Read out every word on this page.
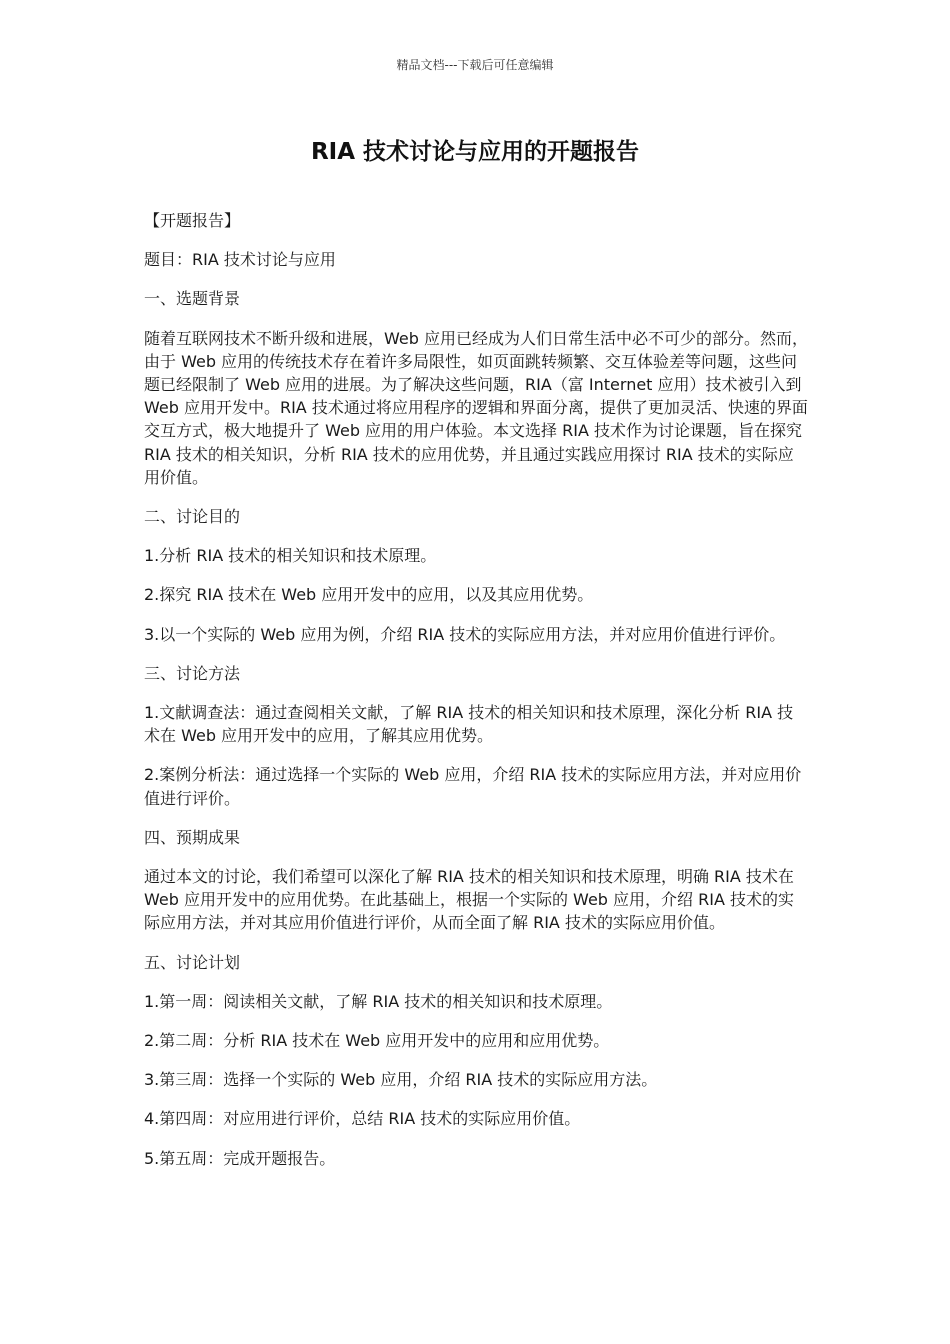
精品文档---下载后可任意编辑
RIA 技术讨论与应用的开题报告

【开题报告】

题目：RIA 技术讨论与应用

一、选题背景

随着互联网技术不断升级和进展，Web 应用已经成为人们日常生活中必不可少的部分。然而，由于 Web 应用的传统技术存在着许多局限性，如页面跳转频繁、交互体验差等问题，这些问题已经限制了 Web 应用的进展。为了解决这些问题，RIA（富 Internet 应用）技术被引入到 Web 应用开发中。RIA 技术通过将应用程序的逻辑和界面分离，提供了更加灵活、快速的界面交互方式，极大地提升了 Web 应用的用户体验。本文选择 RIA 技术作为讨论课题，旨在探究 RIA 技术的相关知识，分析 RIA 技术的应用优势，并且通过实践应用探讨 RIA 技术的实际应用价值。

二、讨论目的

1.分析 RIA 技术的相关知识和技术原理。

2.探究 RIA 技术在 Web 应用开发中的应用，以及其应用优势。

3.以一个实际的 Web 应用为例，介绍 RIA 技术的实际应用方法，并对应用价值进行评价。

三、讨论方法

1.文献调查法：通过查阅相关文献，了解 RIA 技术的相关知识和技术原理，深化分析 RIA 技术在 Web 应用开发中的应用，了解其应用优势。

2.案例分析法：通过选择一个实际的 Web 应用，介绍 RIA 技术的实际应用方法，并对应用价值进行评价。

四、预期成果

通过本文的讨论，我们希望可以深化了解 RIA 技术的相关知识和技术原理，明确 RIA 技术在 Web 应用开发中的应用优势。在此基础上，根据一个实际的 Web 应用，介绍 RIA 技术的实际应用方法，并对其应用价值进行评价，从而全面了解 RIA 技术的实际应用价值。

五、讨论计划

1.第一周：阅读相关文献，了解 RIA 技术的相关知识和技术原理。

2.第二周：分析 RIA 技术在 Web 应用开发中的应用和应用优势。

3.第三周：选择一个实际的 Web 应用，介绍 RIA 技术的实际应用方法。

4.第四周：对应用进行评价，总结 RIA 技术的实际应用价值。

5.第五周：完成开题报告。
